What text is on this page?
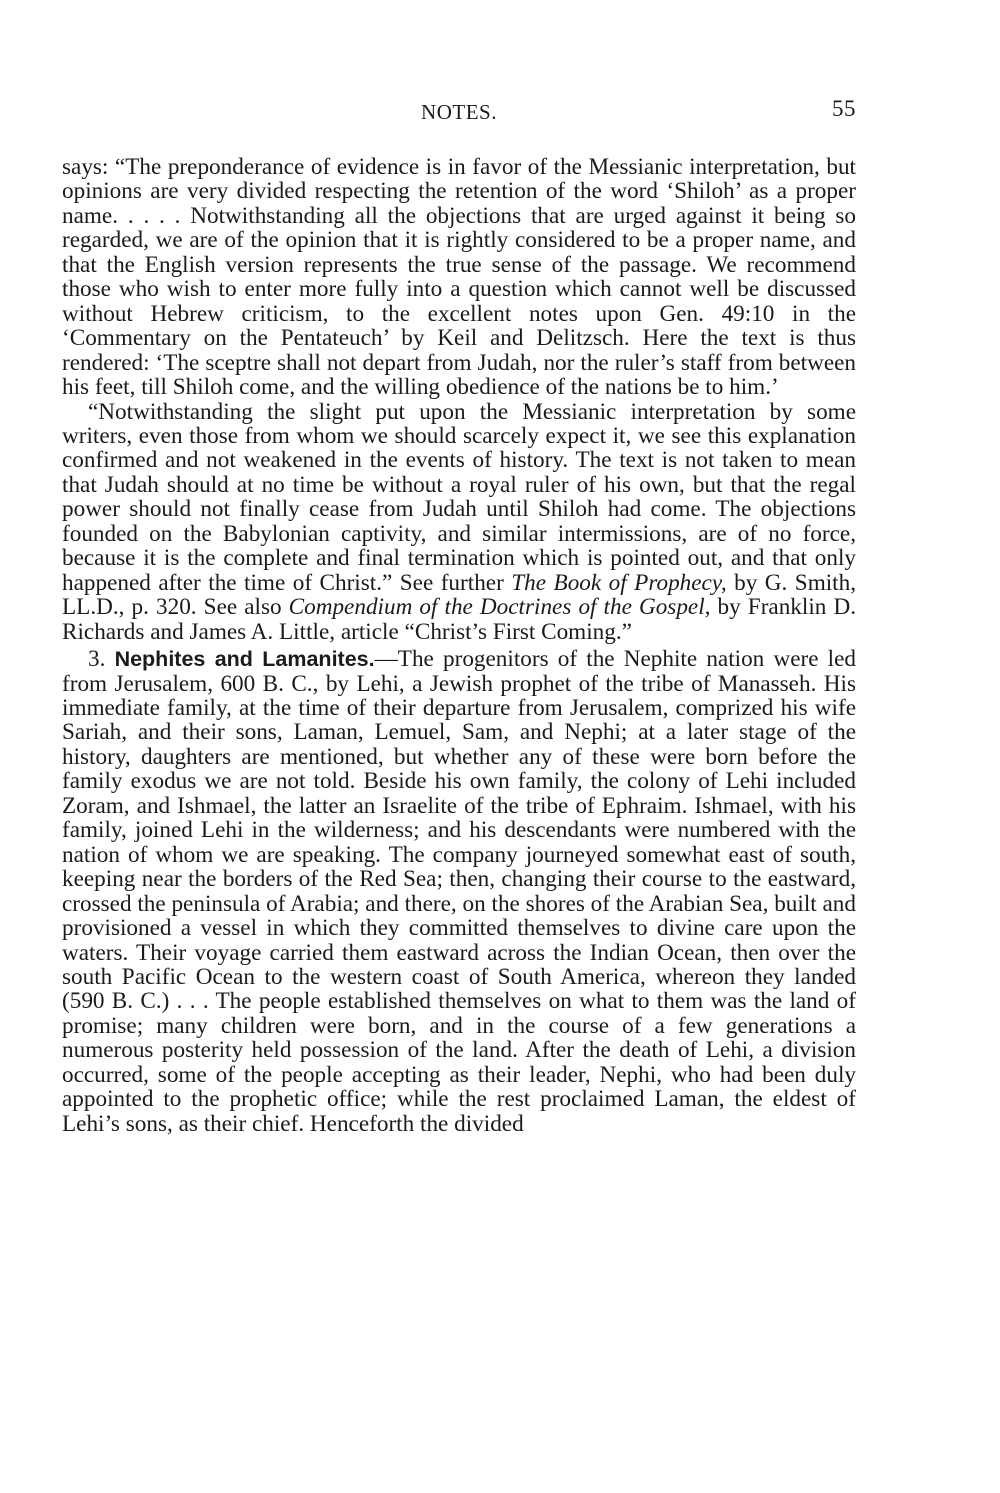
NOTES.	55

says: “The preponderance of evidence is in favor of the Messianic interpretation, but opinions are very divided respecting the retention of the word ‘Shiloh’ as a proper name. . . . . Notwithstanding all the objections that are urged against it being so regarded, we are of the opinion that it is rightly considered to be a proper name, and that the English version represents the true sense of the passage. We recommend those who wish to enter more fully into a question which cannot well be discussed without Hebrew criticism, to the excellent notes upon Gen. 49:10 in the ‘Commentary on the Pentateuch’ by Keil and Delitzsch. Here the text is thus rendered: ‘The sceptre shall not depart from Judah, nor the ruler’s staff from between his feet, till Shiloh come, and the willing obedience of the nations be to him.’

“Notwithstanding the slight put upon the Messianic interpretation by some writers, even those from whom we should scarcely expect it, we see this explanation confirmed and not weakened in the events of history. The text is not taken to mean that Judah should at no time be without a royal ruler of his own, but that the regal power should not finally cease from Judah until Shiloh had come. The objections founded on the Babylonian captivity, and similar intermissions, are of no force, because it is the complete and final termination which is pointed out, and that only happened after the time of Christ.” See further The Book of Prophecy, by G. Smith, LL.D., p. 320. See also Compendium of the Doctrines of the Gospel, by Franklin D. Richards and James A. Little, article “Christ’s First Coming.”

3. Nephites and Lamanites.—The progenitors of the Nephite nation were led from Jerusalem, 600 B. C., by Lehi, a Jewish prophet of the tribe of Manasseh. His immediate family, at the time of their departure from Jerusalem, comprized his wife Sariah, and their sons, Laman, Lemuel, Sam, and Nephi; at a later stage of the history, daughters are mentioned, but whether any of these were born before the family exodus we are not told. Beside his own family, the colony of Lehi included Zoram, and Ishmael, the latter an Israelite of the tribe of Ephraim. Ishmael, with his family, joined Lehi in the wilderness; and his descendants were numbered with the nation of whom we are speaking. The company journeyed somewhat east of south, keeping near the borders of the Red Sea; then, changing their course to the eastward, crossed the peninsula of Arabia; and there, on the shores of the Arabian Sea, built and provisioned a vessel in which they committed themselves to divine care upon the waters. Their voyage carried them eastward across the Indian Ocean, then over the south Pacific Ocean to the western coast of South America, whereon they landed (590 B. C.) . . . The people established themselves on what to them was the land of promise; many children were born, and in the course of a few generations a numerous posterity held possession of the land. After the death of Lehi, a division occurred, some of the people accepting as their leader, Nephi, who had been duly appointed to the prophetic office; while the rest proclaimed Laman, the eldest of Lehi’s sons, as their chief. Henceforth the divided
